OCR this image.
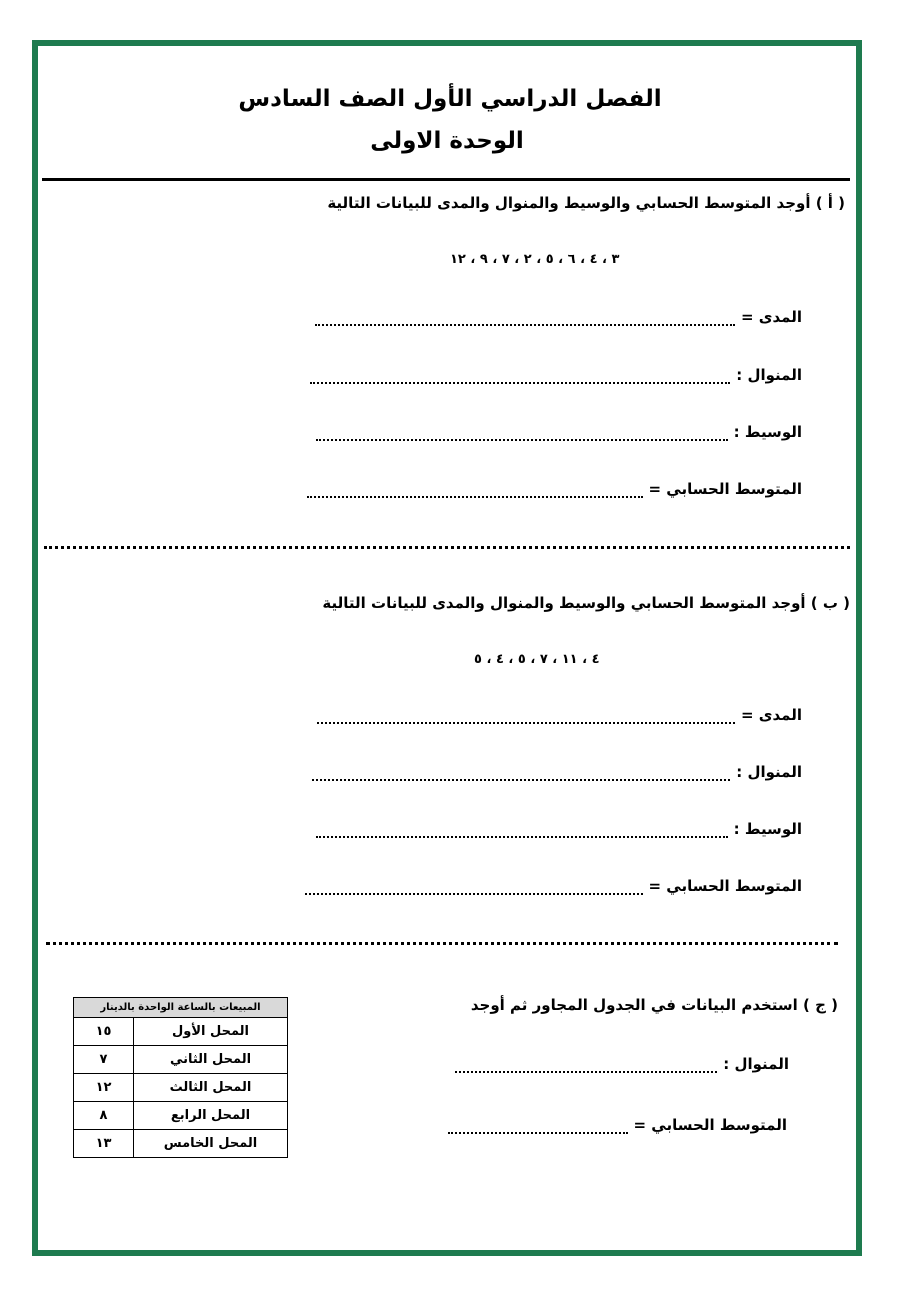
الفصل الدراسي الأول الصف السادس
الوحدة الاولى
( أ ) أوجد المتوسط الحسابي والوسيط والمنوال والمدى للبيانات التالية
٣ ، ٤ ، ٦ ، ٥ ، ٢ ، ٧ ، ٩ ، ١٢
المدى =
المنوال :
الوسيط :
المتوسط الحسابي =
( ب ) أوجد المتوسط الحسابي والوسيط والمنوال والمدى للبيانات التالية
٤ ، ١١ ، ٧ ، ٥ ، ٤ ، ٥
المدى =
المنوال :
الوسيط :
المتوسط الحسابي =
( ج ) استخدم البيانات في الجدول المجاور ثم أوجد
المنوال :
المتوسط الحسابي =
المبيعات بالساعة الواحدة بالدينار	
المحل الأول	١٥
المحل الثاني	٧
المحل الثالث	١٢
المحل الرابع	٨
المحل الخامس	١٣
